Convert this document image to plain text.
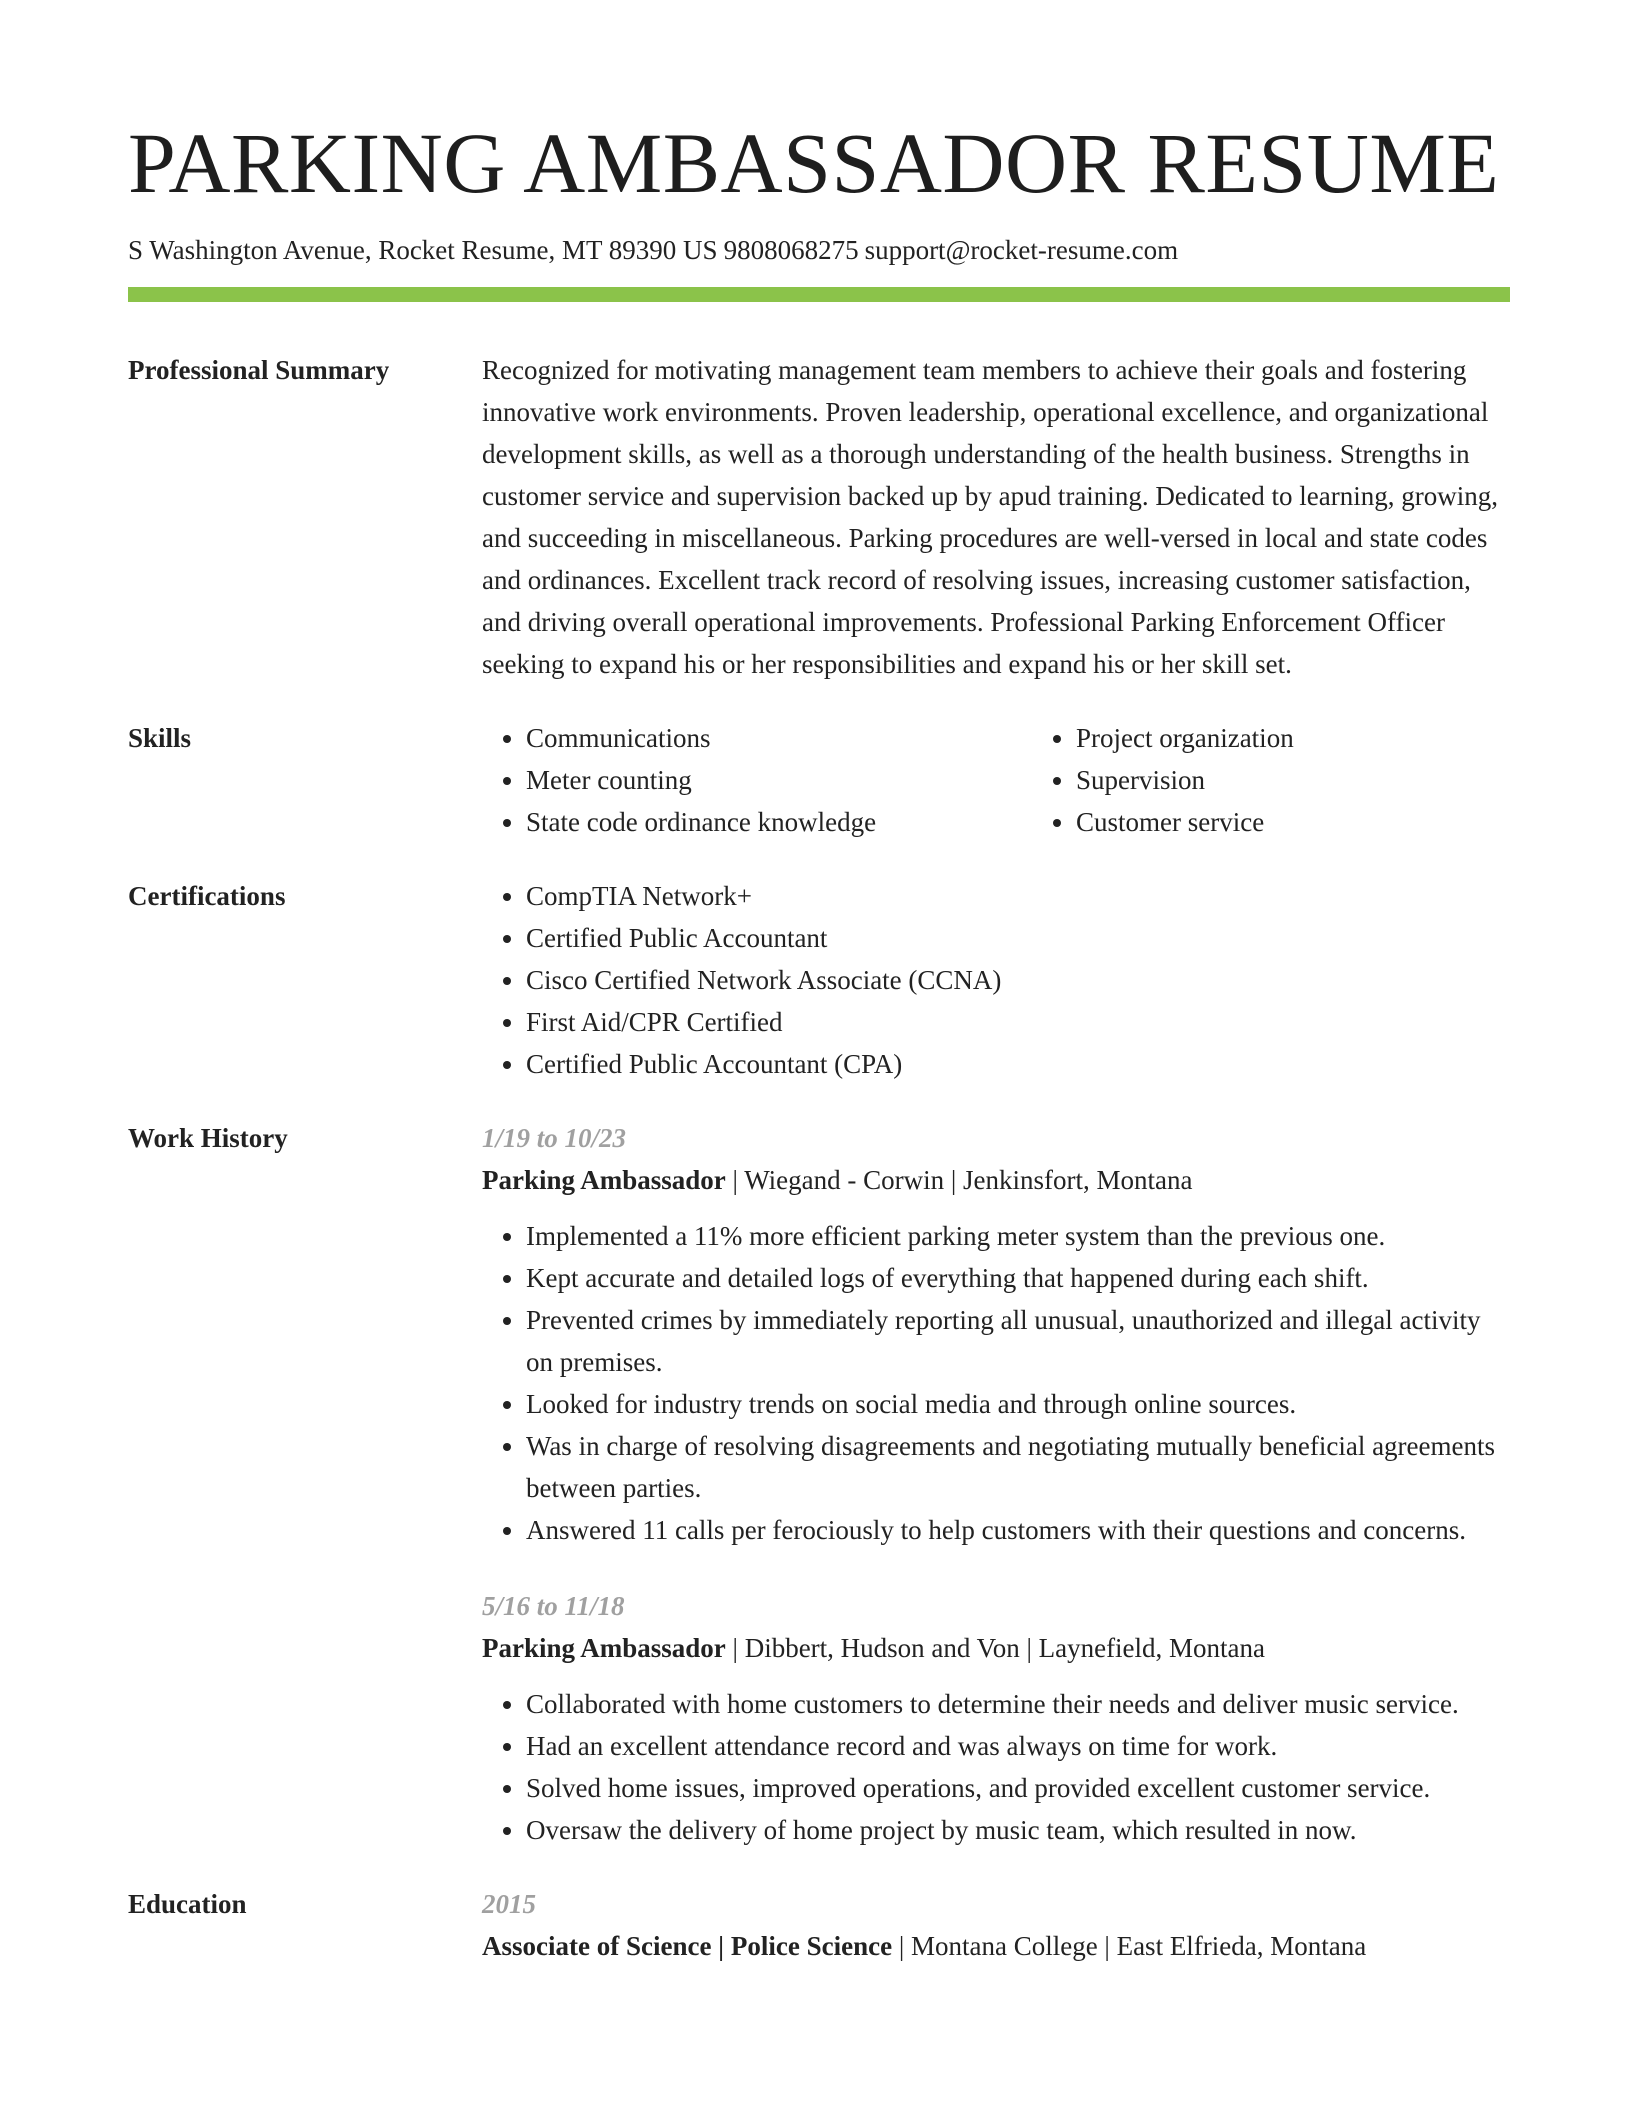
PARKING AMBASSADOR RESUME
S Washington Avenue, Rocket Resume, MT 89390 US 9808068275 support@rocket-resume.com
Professional Summary	Recognized for motivating management team members to achieve their goals and fostering innovative work environments. Proven leadership, operational excellence, and organizational development skills, as well as a thorough understanding of the health business. Strengths in customer service and supervision backed up by apud training. Dedicated to learning, growing, and succeeding in miscellaneous. Parking procedures are well-versed in local and state codes and ordinances. Excellent track record of resolving issues, increasing customer satisfaction, and driving overall operational improvements. Professional Parking Enforcement Officer seeking to expand his or her responsibilities and expand his or her skill set.

Skills	• Communications
• Meter counting
• State code ordinance knowledge
• Project organization
• Supervision
• Customer service
Certifications	• CompTIA Network+
• Certified Public Accountant
• Cisco Certified Network Associate (CCNA)
• First Aid/CPR Certified
• Certified Public Accountant (CPA)
Work History	1/19 to 10/23
Parking Ambassador | Wiegand - Corwin | Jenkinsfort, Montana
• Implemented a 11% more efficient parking meter system than the previous one.
• Kept accurate and detailed logs of everything that happened during each shift.
• Prevented crimes by immediately reporting all unusual, unauthorized and illegal activity on premises.
• Looked for industry trends on social media and through online sources.
• Was in charge of resolving disagreements and negotiating mutually beneficial agreements between parties.
• Answered 11 calls per ferociously to help customers with their questions and concerns.
5/16 to 11/18
Parking Ambassador | Dibbert, Hudson and Von | Laynefield, Montana
• Collaborated with home customers to determine their needs and deliver music service.
• Had an excellent attendance record and was always on time for work.
• Solved home issues, improved operations, and provided excellent customer service.
• Oversaw the delivery of home project by music team, which resulted in now.
Education	2015
Associate of Science | Police Science | Montana College | East Elfrieda, Montana
